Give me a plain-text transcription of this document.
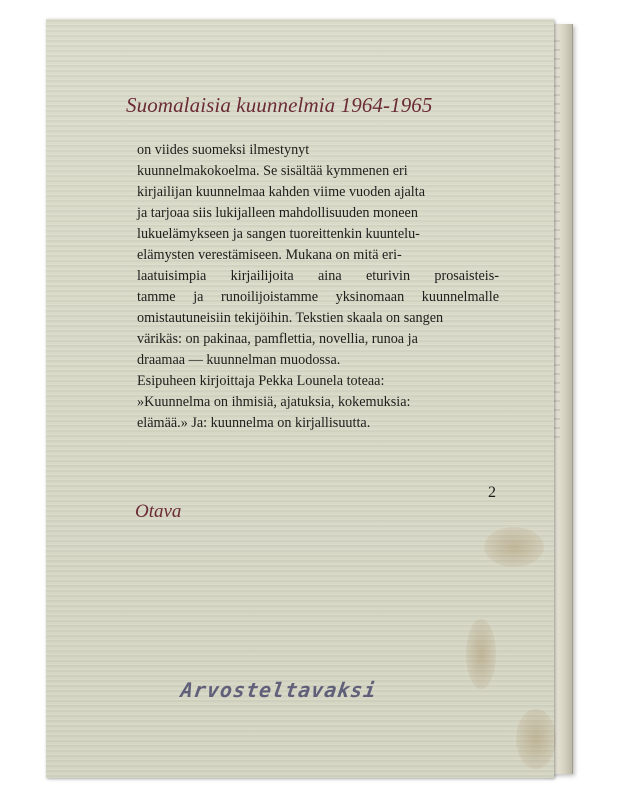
Suomalaisia kuunnelmia 1964-1965
on viides suomeksi ilmestynyt
kuunnelmakokoelma. Se sisältää kymmenen eri
kirjailijan kuunnelmaa kahden viime vuoden ajalta
ja tarjoaa siis lukijalleen mahdollisuuden moneen
lukuelämykseen ja sangen tuoreittenkin kuuntelu-
elämysten verestämiseen. Mukana on mitä eri-
laatuisimpia kirjailijoita aina eturivin prosaisteis-
tamme ja runoilijoistamme yksinomaan kuunnelmalle
omistautuneisiin tekijöihin. Tekstien skaala on sangen
värikäs: on pakinaa, pamflettia, novellia, runoa ja
draamaa — kuunnelman muodossa.
Esipuheen kirjoittaja Pekka Lounela toteaa:
»Kuunnelma on ihmisiä, ajatuksia, kokemuksia:
elämää.» Ja: kuunnelma on kirjallisuutta.
Otava
2
Arvosteltavaksi
